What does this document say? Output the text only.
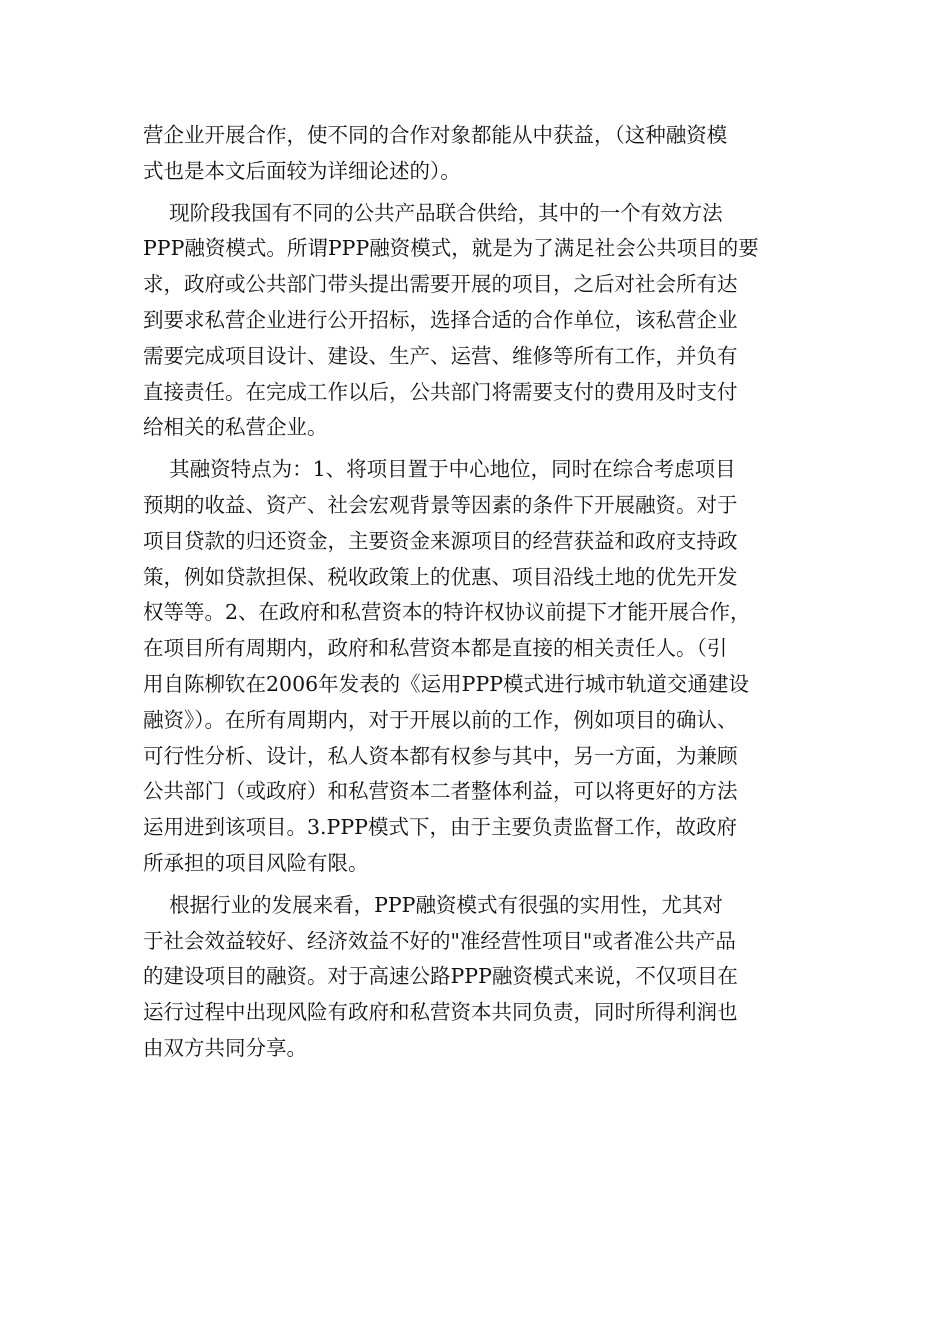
营企业开展合作，使不同的合作对象都能从中获益，（这种融资模
式也是本文后面较为详细论述的）。
现阶段我国有不同的公共产品联合供给，其中的一个有效方法
PPP融资模式。所谓PPP融资模式，就是为了满足社会公共项目的要
求，政府或公共部门带头提出需要开展的项目，之后对社会所有达
到要求私营企业进行公开招标，选择合适的合作单位，该私营企业
需要完成项目设计、建设、生产、运营、维修等所有工作，并负有
直接责任。在完成工作以后，公共部门将需要支付的费用及时支付
给相关的私营企业。
其融资特点为：1、将项目置于中心地位，同时在综合考虑项目
预期的收益、资产、社会宏观背景等因素的条件下开展融资。对于
项目贷款的归还资金，主要资金来源项目的经营获益和政府支持政
策，例如贷款担保、税收政策上的优惠、项目沿线土地的优先开发
权等等。2、在政府和私营资本的特许权协议前提下才能开展合作，
在项目所有周期内，政府和私营资本都是直接的相关责任人。（引
用自陈柳钦在2006年发表的《运用PPP模式进行城市轨道交通建设
融资》）。在所有周期内，对于开展以前的工作，例如项目的确认、
可行性分析、设计，私人资本都有权参与其中，另一方面，为兼顾
公共部门（或政府）和私营资本二者整体利益，可以将更好的方法
运用进到该项目。3.PPP模式下，由于主要负责监督工作，故政府
所承担的项目风险有限。
根据行业的发展来看，PPP融资模式有很强的实用性，尤其对
于社会效益较好、经济效益不好的"准经营性项目"或者准公共产品
的建设项目的融资。对于高速公路PPP融资模式来说，不仅项目在
运行过程中出现风险有政府和私营资本共同负责，同时所得利润也
由双方共同分享。
